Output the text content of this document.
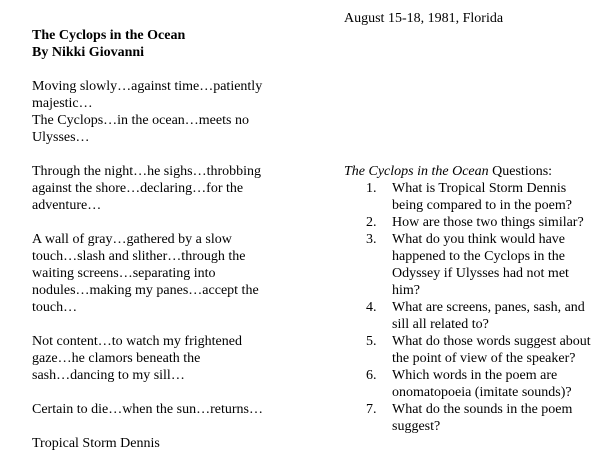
The Cyclops in the Ocean

By Nikki Giovanni

Moving slowly…against time…patiently
majestic…
The Cyclops…in the ocean…meets no
Ulysses…
Through the night…he sighs…throbbing
against the shore…declaring…for the
adventure…
A wall of gray…gathered by a slow
touch…slash and slither…through the
waiting screens…separating into
nodules…making my panes…accept the
touch…
Not content…to watch my frightened
gaze…he clamors beneath the
sash…dancing to my sill…
Certain to die…when the sun…returns…
Tropical Storm Dennis

August 15-18, 1981, Florida

The Cyclops in the Ocean Questions:

1. What is Tropical Storm Dennis
being compared to in the poem?
2. How are those two things similar?
3. What do you think would have
happened to the Cyclops in the
Odyssey if Ulysses had not met
him?
4. What are screens, panes, sash, and
sill all related to?
5. What do those words suggest about
the point of view of the speaker?
6. Which words in the poem are
onomatopoeia (imitate sounds)?
7. What do the sounds in the poem
suggest?
